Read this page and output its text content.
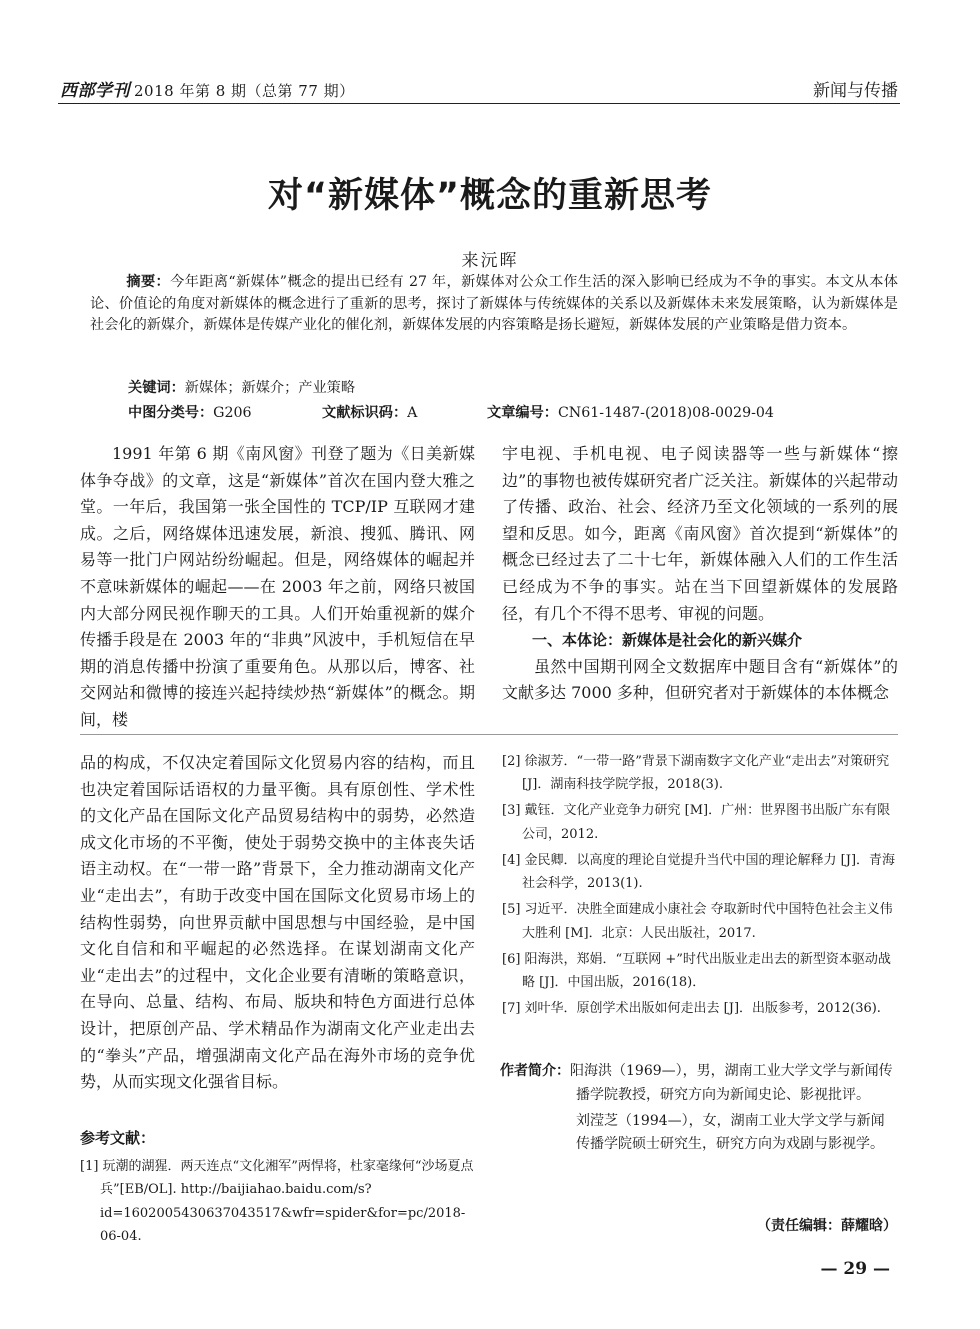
西部学刊 2018 年第 8 期（总第 77 期）	新闻与传播
对“新媒体”概念的重新思考
来沅晖
摘要：今年距离“新媒体”概念的提出已经有 27 年，新媒体对公众工作生活的深入影响已经成为不争的事实。本文从本体论、价值论的角度对新媒体的概念进行了重新的思考，探讨了新媒体与传统媒体的关系以及新媒体未来发展策略，认为新媒体是社会化的新媒介，新媒体是传媒产业化的催化剂，新媒体发展的内容策略是扬长避短，新媒体发展的产业策略是借力资本。
关键词：新媒体；新媒介；产业策略
中图分类号：G206	文献标识码：A	文章编号：CN61-1487-(2018)08-0029-04

1991 年第 6 期《南风窗》刊登了题为《日美新媒体争夺战》的文章，这是“新媒体”首次在国内登大雅之堂。一年后，我国第一张全国性的 TCP/IP 互联网才建成。之后，网络媒体迅速发展，新浪、搜狐、腾讯、网易等一批门户网站纷纷崛起。但是，网络媒体的崛起并不意味新媒体的崛起——在 2003 年之前，网络只被国内大部分网民视作聊天的工具。人们开始重视新的媒介传播手段是在 2003 年的“非典”风波中，手机短信在早期的消息传播中扮演了重要角色。从那以后，博客、社交网站和微博的接连兴起持续炒热“新媒体”的概念。期间，楼

宇电视、手机电视、电子阅读器等一些与新媒体“擦边”的事物也被传媒研究者广泛关注。新媒体的兴起带动了传播、政治、社会、经济乃至文化领域的一系列的展望和反思。如今，距离《南风窗》首次提到“新媒体”的概念已经过去了二十七年，新媒体融入人们的工作生活已经成为不争的事实。站在当下回望新媒体的发展路径，有几个不得不思考、审视的问题。

一、本体论：新媒体是社会化的新兴媒介

虽然中国期刊网全文数据库中题目含有“新媒体”的文献多达 7000 多种，但研究者对于新媒体的本体概念

品的构成，不仅决定着国际文化贸易内容的结构，而且也决定着国际话语权的力量平衡。具有原创性、学术性的文化产品在国际文化产品贸易结构中的弱势，必然造成文化市场的不平衡，使处于弱势交换中的主体丧失话语主动权。在“一带一路”背景下，全力推动湖南文化产业“走出去”，有助于改变中国在国际文化贸易市场上的结构性弱势，向世界贡献中国思想与中国经验，是中国文化自信和和平崛起的必然选择。在谋划湖南文化产业“走出去”的过程中，文化企业要有清晰的策略意识，在导向、总量、结构、布局、版块和特色方面进行总体设计，把原创产品、学术精品作为湖南文化产业走出去的“拳头”产品，增强湖南文化产品在海外市场的竞争优势，从而实现文化强省目标。

参考文献：

[1] 玩潮的湖猩．两天连点“文化湘军”两悍将，杜家毫缘何“沙场夏点兵”[EB/OL]. http://baijiahao.baidu.com/s?id=1602005430637043517&wfr=spider&for=pc/2018-06-04.

[2] 徐淑芳．“一带一路”背景下湖南数字文化产业“走出去”对策研究 [J]．湖南科技学院学报，2018(3).

[3] 戴钰．文化产业竞争力研究 [M]．广州：世界图书出版广东有限公司，2012.

[4] 金民卿．以高度的理论自觉提升当代中国的理论解释力 [J]．青海社会科学，2013(1).

[5] 习近平．决胜全面建成小康社会 夺取新时代中国特色社会主义伟大胜利 [M]．北京：人民出版社，2017.

[6] 阳海洪，郑娟．“互联网 +”时代出版业走出去的新型资本驱动战略 [J]．中国出版，2016(18)．

[7] 刘叶华．原创学术出版如何走出去 [J]．出版参考，2012(36).

作者简介：阳海洪（1969—），男，湖南工业大学文学与新闻传播学院教授，研究方向为新闻史论、影视批评。

刘滢芝（1994—），女，湖南工业大学文学与新闻传播学院硕士研究生，研究方向为戏剧与影视学。

（责任编辑：薛耀晗）
— 29 —
